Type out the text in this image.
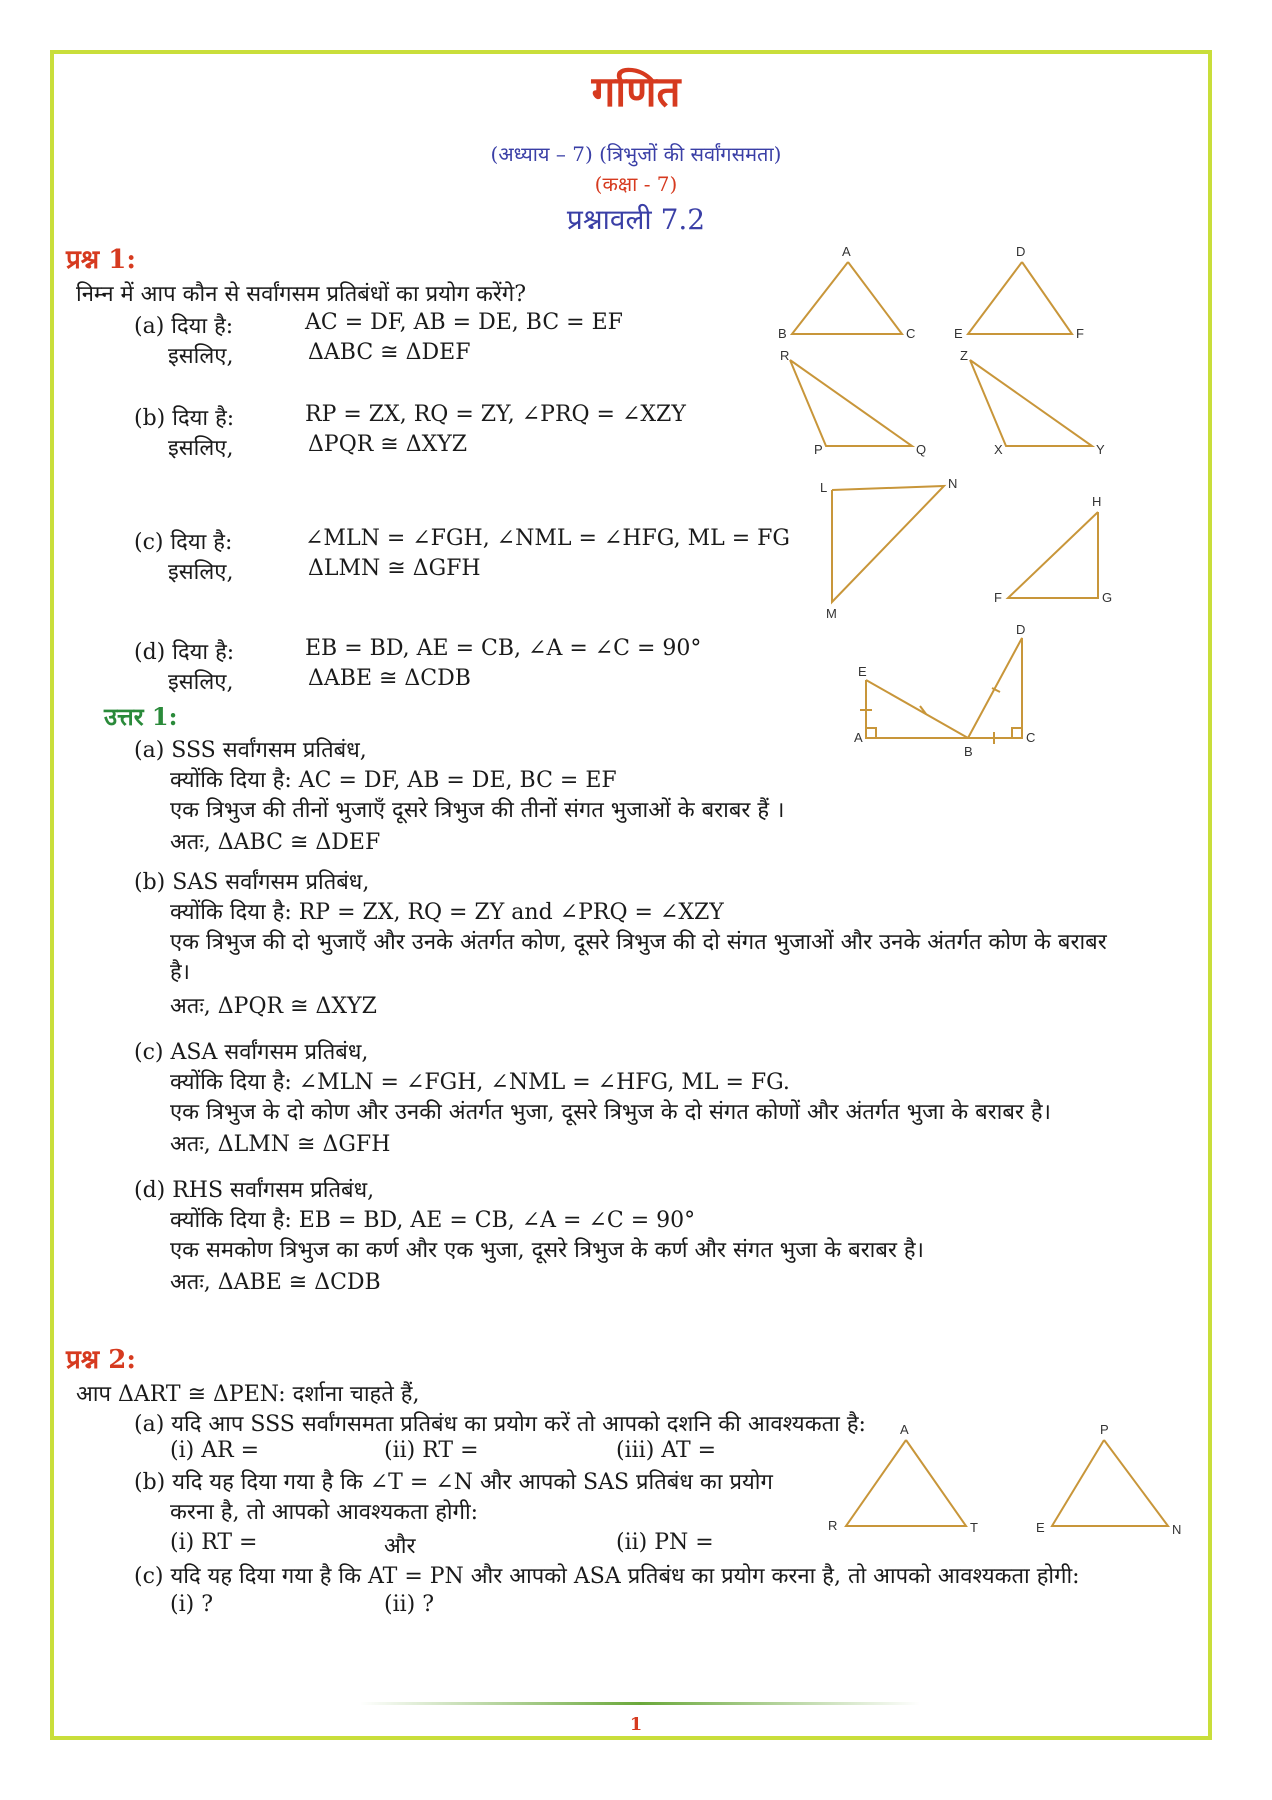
गणित
(अध्याय – 7) (त्रिभुजों की सर्वांगसमता)
(कक्षा - 7)
प्रश्नावली 7.2
प्रश्न 1:
निम्न में आप कौन से सर्वांगसम प्रतिबंधों का प्रयोग करेंगे?
(a) दिया है:	AC = DF, AB = DE, BC = EF
इसलिए,	ΔABC ≅ ΔDEF
(b) दिया है:	RP = ZX, RQ = ZY, ∠PRQ = ∠XZY
इसलिए,	ΔPQR ≅ ΔXYZ
(c) दिया है:	∠MLN = ∠FGH, ∠NML = ∠HFG, ML = FG
इसलिए,	ΔLMN ≅ ΔGFH
(d) दिया है:	EB = BD, AE = CB, ∠A = ∠C = 90°
इसलिए,	ΔABE ≅ ΔCDB
उत्तर 1:
(a) SSS सर्वांगसम प्रतिबंध,
क्योंकि दिया है: AC = DF, AB = DE, BC = EF
एक त्रिभुज की तीनों भुजाएँ दूसरे त्रिभुज की तीनों संगत भुजाओं के बराबर हैं ।
अतः, ΔABC ≅ ΔDEF
(b) SAS सर्वांगसम प्रतिबंध,
क्योंकि दिया है: RP = ZX, RQ = ZY and ∠PRQ = ∠XZY
एक त्रिभुज की दो भुजाएँ और उनके अंतर्गत कोण, दूसरे त्रिभुज की दो संगत भुजाओं और उनके अंतर्गत कोण के बराबर
है।
अतः, ΔPQR ≅ ΔXYZ
(c) ASA सर्वांगसम प्रतिबंध,
क्योंकि दिया है: ∠MLN = ∠FGH, ∠NML = ∠HFG, ML = FG.
एक त्रिभुज के दो कोण और उनकी अंतर्गत भुजा, दूसरे त्रिभुज के दो संगत कोणों और अंतर्गत भुजा के बराबर है।
अतः, ΔLMN ≅ ΔGFH
(d) RHS सर्वांगसम प्रतिबंध,
क्योंकि दिया है: EB = BD, AE = CB, ∠A = ∠C = 90°
एक समकोण त्रिभुज का कर्ण और एक भुजा, दूसरे त्रिभुज के कर्ण और संगत भुजा के बराबर है।
अतः, ΔABE ≅ ΔCDB
प्रश्न 2:
आप ΔART ≅ ΔPEN: दर्शाना चाहते हैं,
(a) यदि आप SSS सर्वांगसमता प्रतिबंध का प्रयोग करें तो आपको दशनि की आवश्यकता है:
(i) AR =	(ii) RT =	(iii) AT =
(b) यदि यह दिया गया है कि ∠T = ∠N और आपको SAS प्रतिबंध का प्रयोग
करना है, तो आपको आवश्यकता होगी:
(i) RT =	और	(ii) PN =
(c) यदि यह दिया गया है कि AT = PN और आपको ASA प्रतिबंध का प्रयोग करना है, तो आपको आवश्यकता होगी:
(i) ?	(ii) ?
A
B	C
D
E	F
R
P	Q
Z
X	Y
L	N
M
H
F	G
D
E
A
B
C
A
R	T
P
E	N
1
